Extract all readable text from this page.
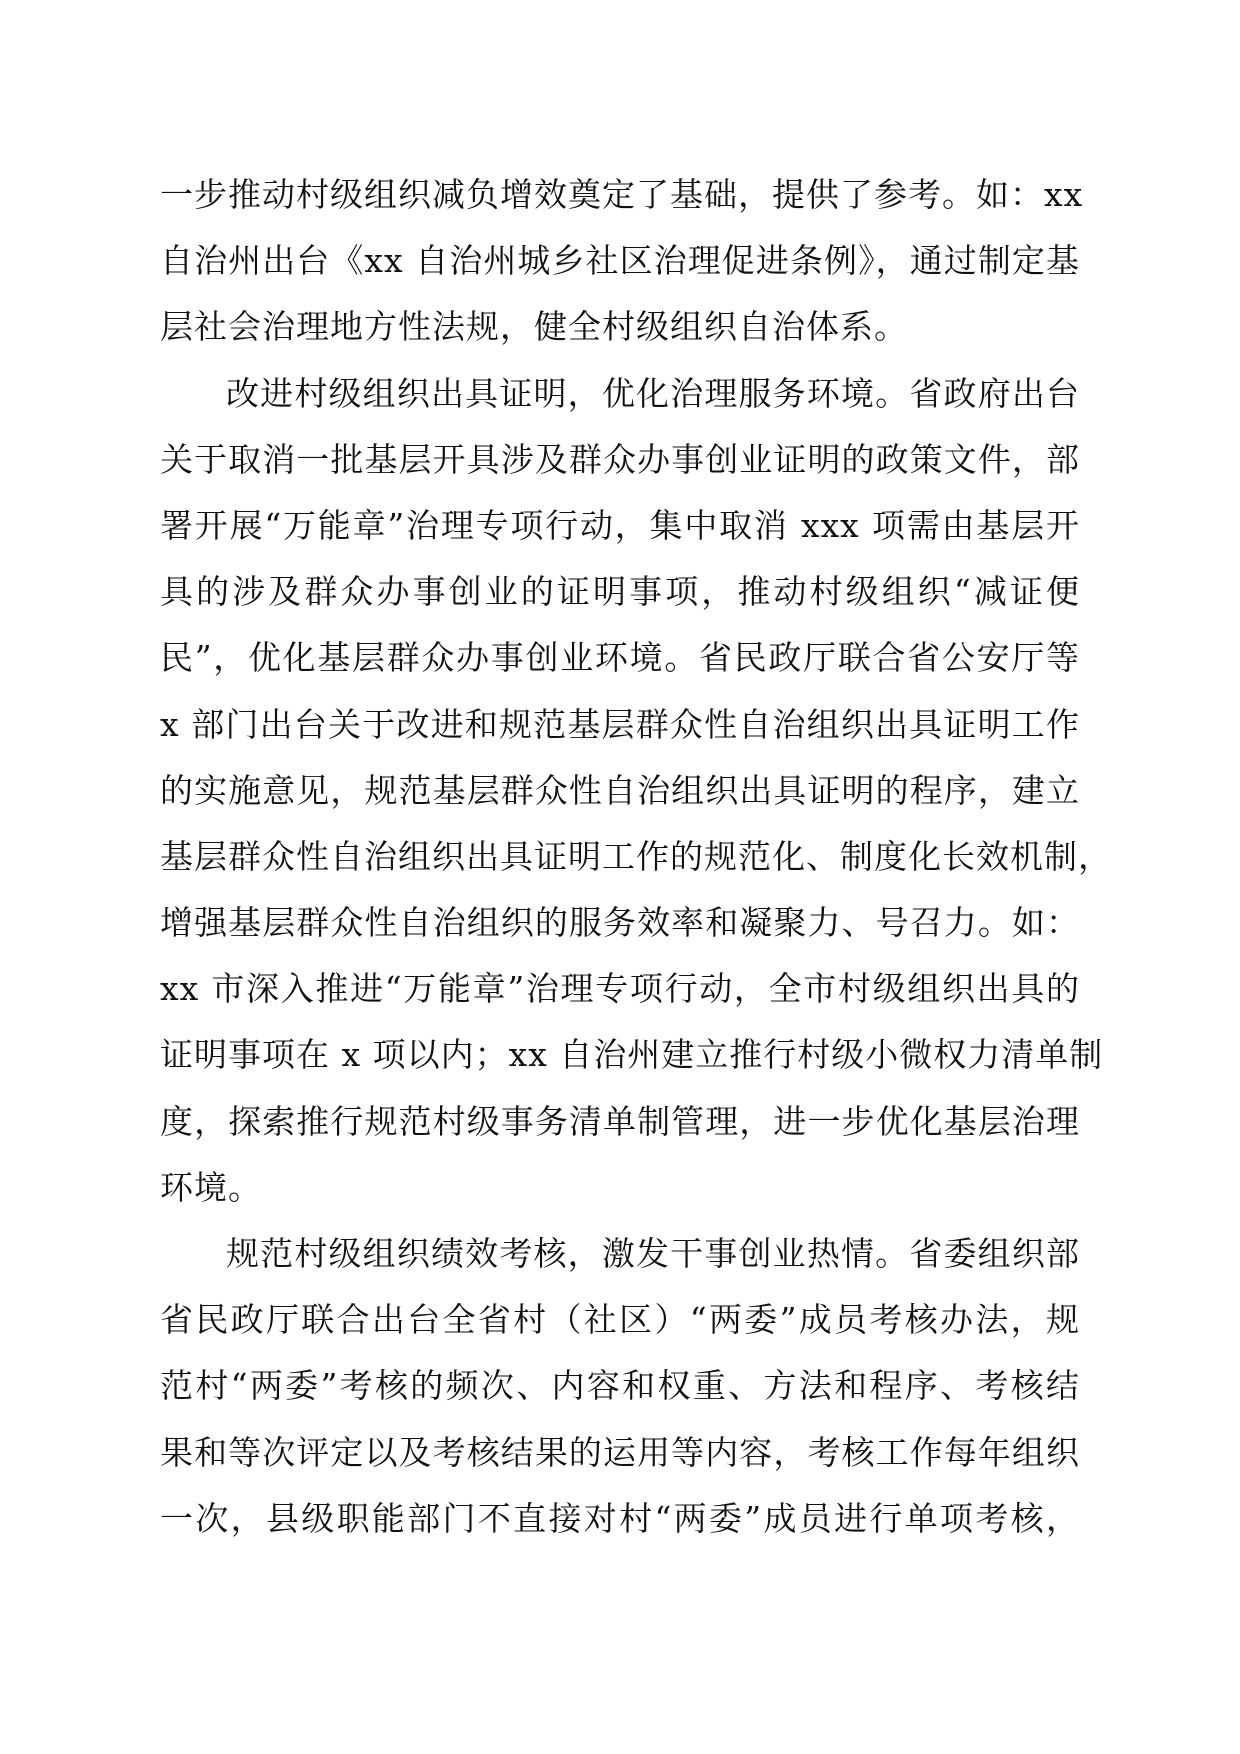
一步推动村级组织减负增效奠定了基础，提供了参考。如：xx
自治州出台《xx 自治州城乡社区治理促进条例》，通过制定基
层社会治理地方性法规，健全村级组织自治体系。
改进村级组织出具证明，优化治理服务环境。省政府出台
关于取消一批基层开具涉及群众办事创业证明的政策文件，部
署开展“万能章”治理专项行动，集中取消 xxx 项需由基层开
具的涉及群众办事创业的证明事项，推动村级组织“减证便
民”，优化基层群众办事创业环境。省民政厅联合省公安厅等
x 部门出台关于改进和规范基层群众性自治组织出具证明工作
的实施意见，规范基层群众性自治组织出具证明的程序，建立
基层群众性自治组织出具证明工作的规范化、制度化长效机制，
增强基层群众性自治组织的服务效率和凝聚力、号召力。如：
xx 市深入推进“万能章”治理专项行动，全市村级组织出具的
证明事项在 x 项以内；xx 自治州建立推行村级小微权力清单制
度，探索推行规范村级事务清单制管理，进一步优化基层治理
环境。
规范村级组织绩效考核，激发干事创业热情。省委组织部
省民政厅联合出台全省村（社区）“两委”成员考核办法，规
范村“两委”考核的频次、内容和权重、方法和程序、考核结
果和等次评定以及考核结果的运用等内容，考核工作每年组织
一次，县级职能部门不直接对村“两委”成员进行单项考核，
